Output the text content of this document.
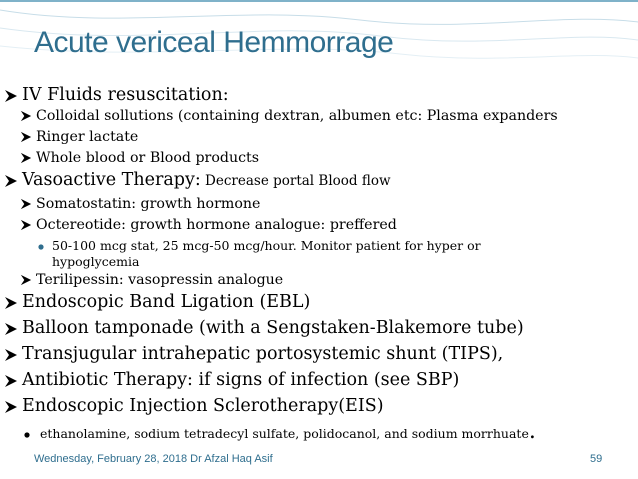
Acute vericeal Hemmorrage
IV Fluids resuscitation:
Colloidal sollutions (containing dextran, albumen etc: Plasma expanders
Ringer lactate
Whole blood or Blood products
Vasoactive Therapy: Decrease portal Blood flow
Somatostatin: growth hormone
Octereotide: growth hormone analogue: preffered
50-100 mcg stat, 25 mcg-50 mcg/hour. Monitor patient for hyper or
hypoglycemia
Terilipessin: vasopressin analogue
Endoscopic Band Ligation (EBL)
Balloon tamponade (with a Sengstaken-Blakemore tube)
Transjugular intrahepatic portosystemic shunt (TIPS),
Antibiotic Therapy: if signs of infection (see SBP)
Endoscopic Injection Sclerotherapy(EIS)
ethanolamine, sodium tetradecyl sulfate, polidocanol, and sodium morrhuate.
Wednesday, February 28, 2018 Dr Afzal Haq Asif	59
